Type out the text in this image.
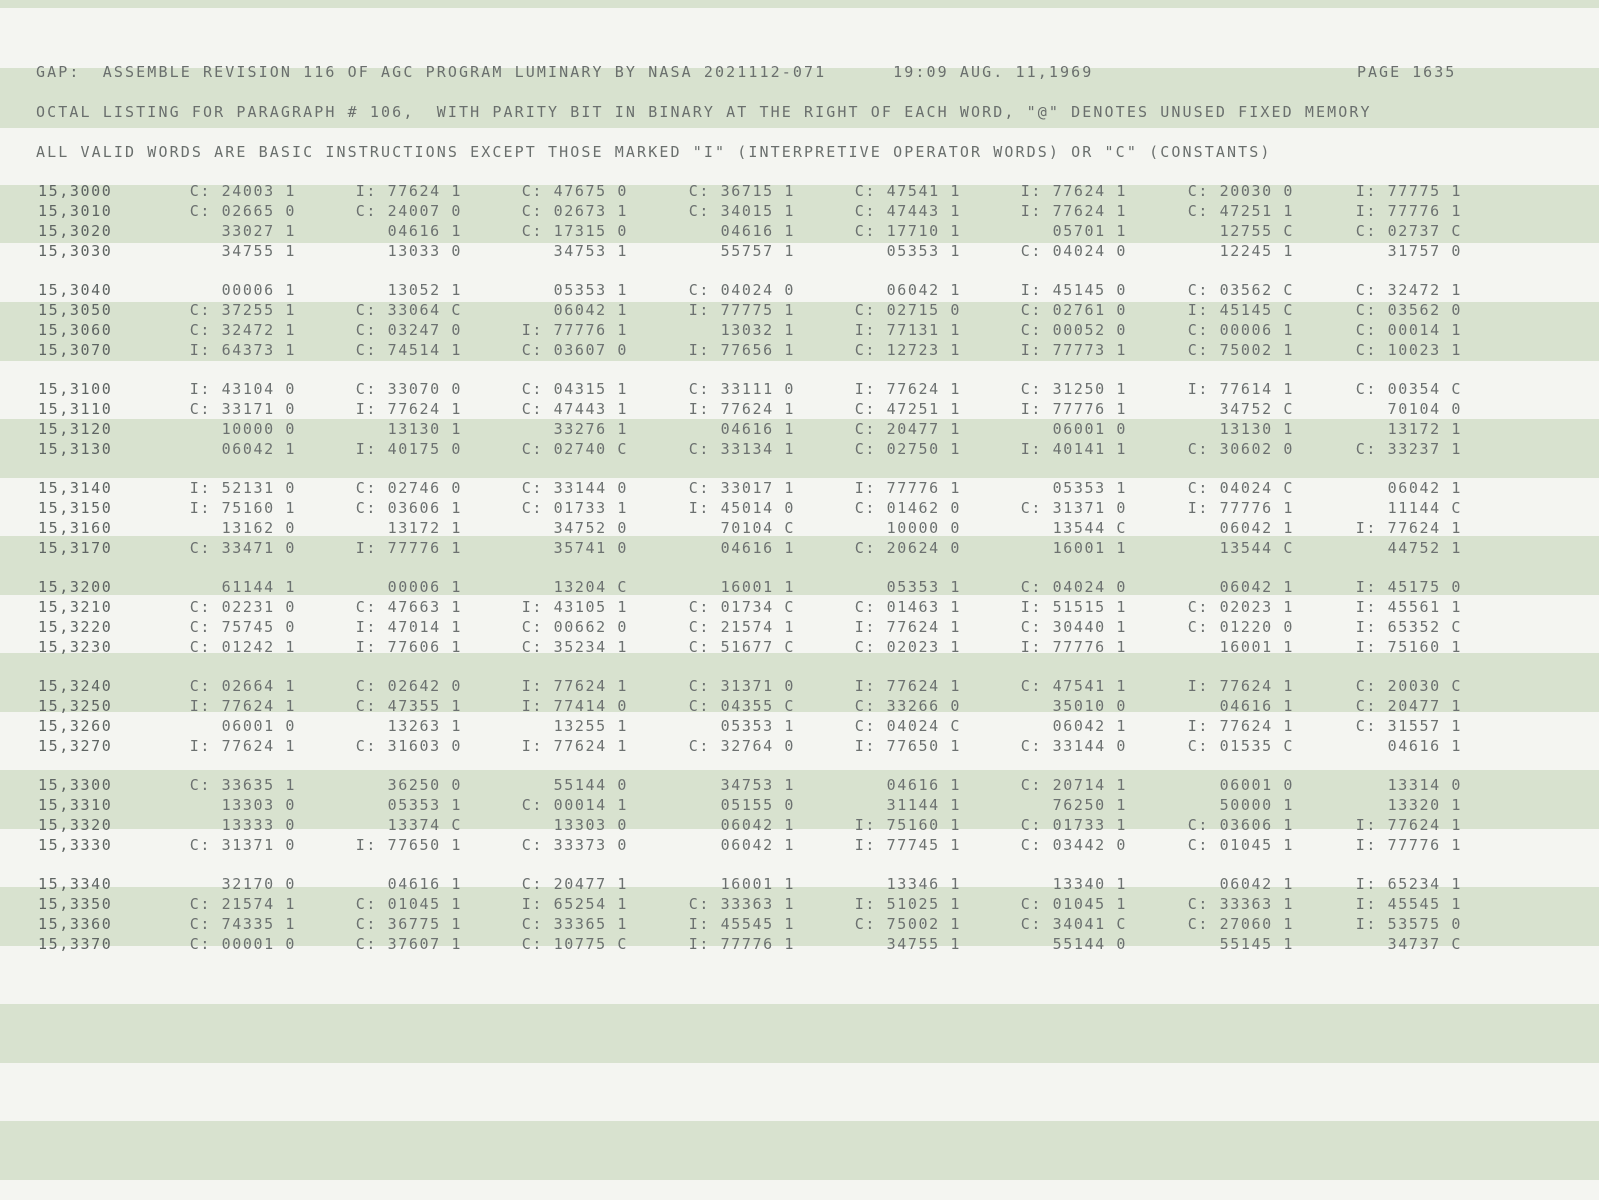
GAP:  ASSEMBLE REVISION 116 OF AGC PROGRAM LUMINARY BY NASA 2021112-071      19:09 AUG. 11,1969	PAGE 1635
OCTAL LISTING FOR PARAGRAPH # 106,  WITH PARITY BIT IN BINARY AT THE RIGHT OF EACH WORD, "@" DENOTES UNUSED FIXED MEMORY
ALL VALID WORDS ARE BASIC INSTRUCTIONS EXCEPT THOSE MARKED "I" (INTERPRETIVE OPERATOR WORDS) OR "C" (CONSTANTS)
15,3000	C: 24003 1	I: 77624 1	C: 47675 0	C: 36715 1	C: 47541 1	I: 77624 1	C: 20030 0	I: 77775 1
15,3010	C: 02665 0	C: 24007 0	C: 02673 1	C: 34015 1	C: 47443 1	I: 77624 1	C: 47251 1	I: 77776 1
15,3020	33027 1	04616 1	C: 17315 0	04616 1	C: 17710 1	05701 1	12755 C	C: 02737 C
15,3030	34755 1	13033 0	34753 1	55757 1	05353 1	C: 04024 0	12245 1	31757 0
15,3040	00006 1	13052 1	05353 1	C: 04024 0	06042 1	I: 45145 0	C: 03562 C	C: 32472 1
15,3050	C: 37255 1	C: 33064 C	06042 1	I: 77775 1	C: 02715 0	C: 02761 0	I: 45145 C	C: 03562 0
15,3060	C: 32472 1	C: 03247 0	I: 77776 1	13032 1	I: 77131 1	C: 00052 0	C: 00006 1	C: 00014 1
15,3070	I: 64373 1	C: 74514 1	C: 03607 0	I: 77656 1	C: 12723 1	I: 77773 1	C: 75002 1	C: 10023 1
15,3100	I: 43104 0	C: 33070 0	C: 04315 1	C: 33111 0	I: 77624 1	C: 31250 1	I: 77614 1	C: 00354 C
15,3110	C: 33171 0	I: 77624 1	C: 47443 1	I: 77624 1	C: 47251 1	I: 77776 1	34752 C	70104 0
15,3120	10000 0	13130 1	33276 1	04616 1	C: 20477 1	06001 0	13130 1	13172 1
15,3130	06042 1	I: 40175 0	C: 02740 C	C: 33134 1	C: 02750 1	I: 40141 1	C: 30602 0	C: 33237 1
15,3140	I: 52131 0	C: 02746 0	C: 33144 0	C: 33017 1	I: 77776 1	05353 1	C: 04024 C	06042 1
15,3150	I: 75160 1	C: 03606 1	C: 01733 1	I: 45014 0	C: 01462 0	C: 31371 0	I: 77776 1	11144 C
15,3160	13162 0	13172 1	34752 0	70104 C	10000 0	13544 C	06042 1	I: 77624 1
15,3170	C: 33471 0	I: 77776 1	35741 0	04616 1	C: 20624 0	16001 1	13544 C	44752 1
15,3200	61144 1	00006 1	13204 C	16001 1	05353 1	C: 04024 0	06042 1	I: 45175 0
15,3210	C: 02231 0	C: 47663 1	I: 43105 1	C: 01734 C	C: 01463 1	I: 51515 1	C: 02023 1	I: 45561 1
15,3220	C: 75745 0	I: 47014 1	C: 00662 0	C: 21574 1	I: 77624 1	C: 30440 1	C: 01220 0	I: 65352 C
15,3230	C: 01242 1	I: 77606 1	C: 35234 1	C: 51677 C	C: 02023 1	I: 77776 1	16001 1	I: 75160 1
15,3240	C: 02664 1	C: 02642 0	I: 77624 1	C: 31371 0	I: 77624 1	C: 47541 1	I: 77624 1	C: 20030 C
15,3250	I: 77624 1	C: 47355 1	I: 77414 0	C: 04355 C	C: 33266 0	35010 0	04616 1	C: 20477 1
15,3260	06001 0	13263 1	13255 1	05353 1	C: 04024 C	06042 1	I: 77624 1	C: 31557 1
15,3270	I: 77624 1	C: 31603 0	I: 77624 1	C: 32764 0	I: 77650 1	C: 33144 0	C: 01535 C	04616 1
15,3300	C: 33635 1	36250 0	55144 0	34753 1	04616 1	C: 20714 1	06001 0	13314 0
15,3310	13303 0	05353 1	C: 00014 1	05155 0	31144 1	76250 1	50000 1	13320 1
15,3320	13333 0	13374 C	13303 0	06042 1	I: 75160 1	C: 01733 1	C: 03606 1	I: 77624 1
15,3330	C: 31371 0	I: 77650 1	C: 33373 0	06042 1	I: 77745 1	C: 03442 0	C: 01045 1	I: 77776 1
15,3340	32170 0	04616 1	C: 20477 1	16001 1	13346 1	13340 1	06042 1	I: 65234 1
15,3350	C: 21574 1	C: 01045 1	I: 65254 1	C: 33363 1	I: 51025 1	C: 01045 1	C: 33363 1	I: 45545 1
15,3360	C: 74335 1	C: 36775 1	C: 33365 1	I: 45545 1	C: 75002 1	C: 34041 C	C: 27060 1	I: 53575 0
15,3370	C: 00001 0	C: 37607 1	C: 10775 C	I: 77776 1	34755 1	55144 0	55145 1	34737 C
